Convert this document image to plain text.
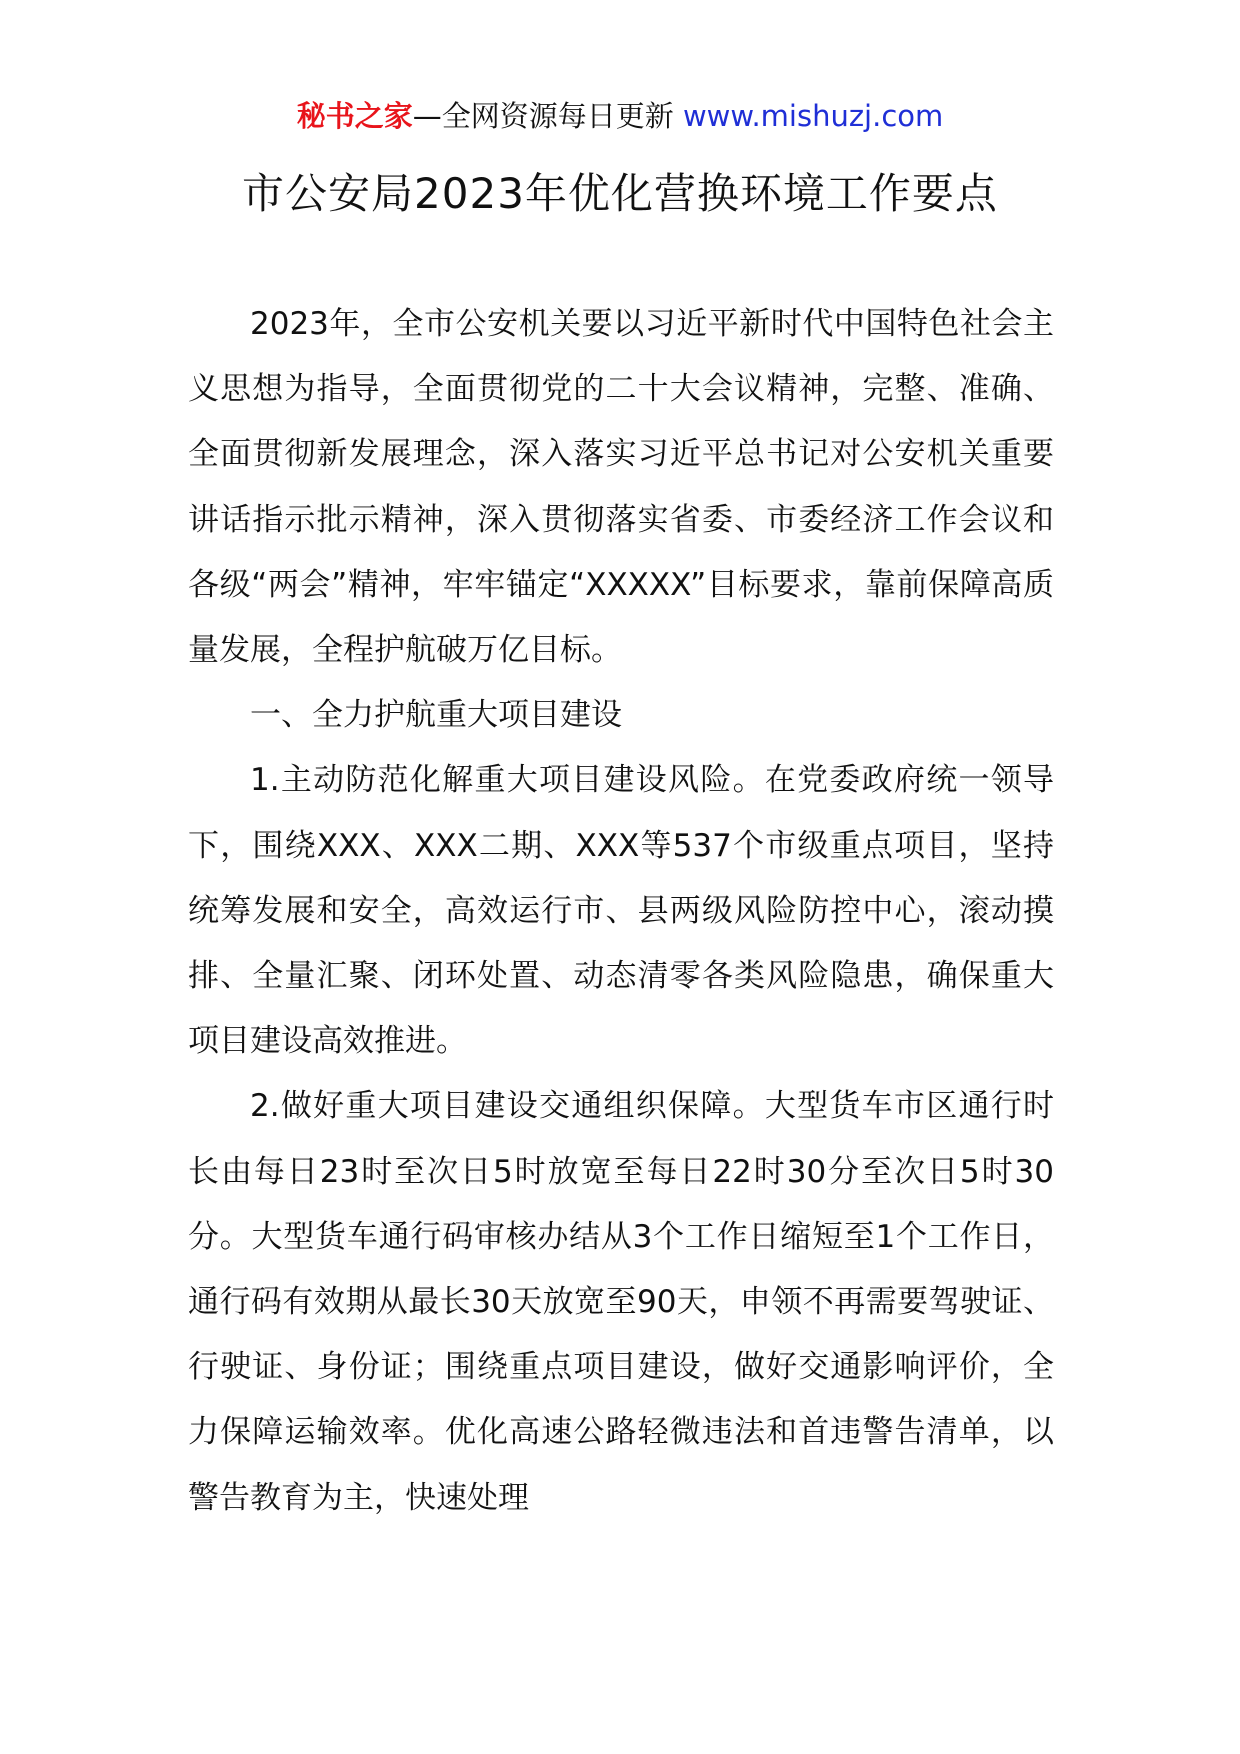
秘书之家—全网资源每日更新 www.mishuzj.com
市公安局2023年优化营换环境工作要点

2023年，全市公安机关要以习近平新时代中国特色社会主义思想为指导，全面贯彻党的二十大会议精神，完整、准确、全面贯彻新发展理念，深入落实习近平总书记对公安机关重要讲话指示批示精神，深入贯彻落实省委、市委经济工作会议和各级“两会”精神，牢牢锚定“XXXXX”目标要求，靠前保障高质量发展，全程护航破万亿目标。

一、全力护航重大项目建设

1.主动防范化解重大项目建设风险。在党委政府统一领导下，围绕XXX、XXX二期、XXX等537个市级重点项目，坚持统筹发展和安全，高效运行市、县两级风险防控中心，滚动摸排、全量汇聚、闭环处置、动态清零各类风险隐患，确保重大项目建设高效推进。

2.做好重大项目建设交通组织保障。大型货车市区通行时长由每日23时至次日5时放宽至每日22时30分至次日5时30分。大型货车通行码审核办结从3个工作日缩短至1个工作日，通行码有效期从最长30天放宽至90天，申领不再需要驾驶证、行驶证、身份证；围绕重点项目建设，做好交通影响评价，全力保障运输效率。优化高速公路轻微违法和首违警告清单，以警告教育为主，快速处理
